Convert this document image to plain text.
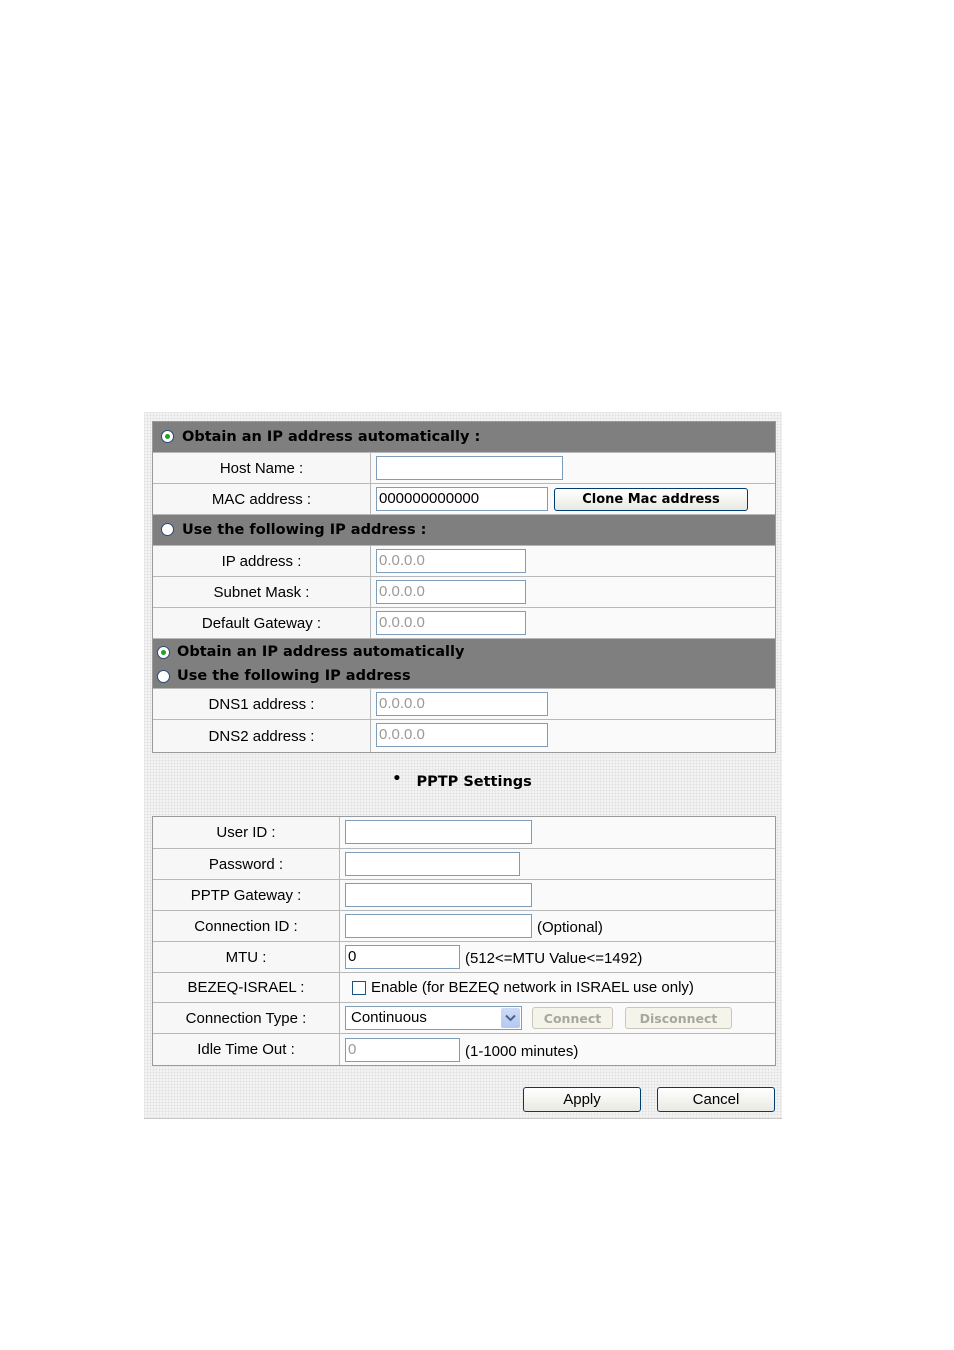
Obtain an IP address automatically :
Host Name :
MAC address :	000000000000	Clone Mac address
Use the following IP address :
IP address :	0.0.0.0
Subnet Mask :	0.0.0.0
Default Gateway :	0.0.0.0
Obtain an IP address automatically
Use the following IP address
DNS1 address :	0.0.0.0
DNS2 address :	0.0.0.0
• PPTP Settings
User ID :
Password :
PPTP Gateway :
Connection ID :	(Optional)
MTU :	0	(512<=MTU Value<=1492)
BEZEQ-ISRAEL :	Enable (for BEZEQ network in ISRAEL use only)
Connection Type :	Continuous	Connect	Disconnect
Idle Time Out :	0	(1-1000 minutes)
Apply	Cancel
